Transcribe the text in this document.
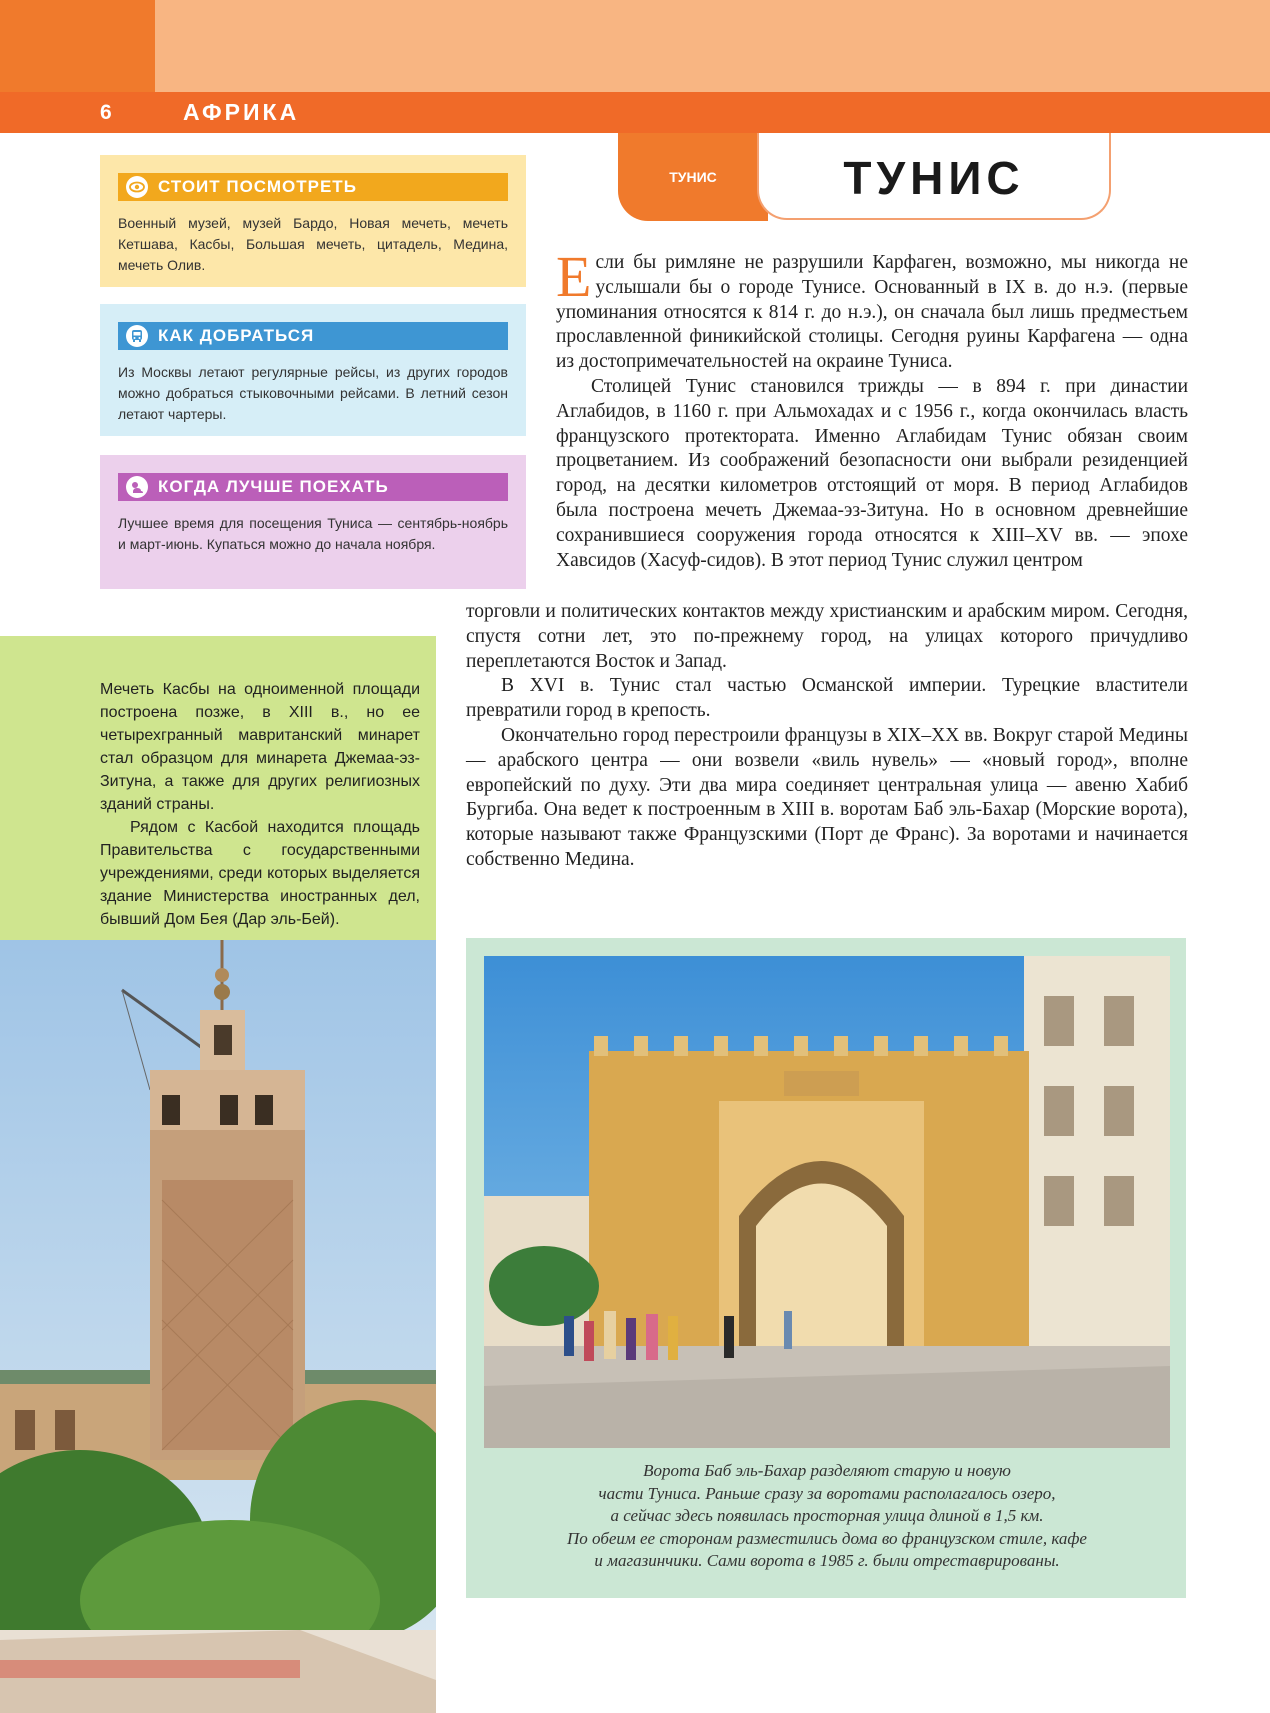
6	АФРИКА
ТУНИС	ТУНИС
СТОИТ ПОСМОТРЕТЬ

Военный музей, музей Бардо, Новая мечеть, мечеть Кетшава, Касбы, Большая мечеть, цитадель, Медина, мечеть Олив.

КАК ДОБРАТЬСЯ

Из Москвы летают регулярные рейсы, из других городов можно добраться стыковочными рейсами. В летний сезон летают чартеры.

КОГДА ЛУЧШЕ ПОЕХАТЬ

Лучшее время для посещения Туниса — сентябрь-ноябрь и март-июнь. Купаться можно до начала ноября.

Мечеть Касбы на одноименной площади построена позже, в XIII в., но ее четырехгранный мавританский минарет стал образцом для минарета Джемаа-эз-Зитуна, а также для других религиозных зданий страны.

Рядом с Касбой находится площадь Правительства с государственными учреждениями, среди которых выделяется здание Министерства иностранных дел, бывший Дом Бея (Дар эль-Бей).

Если бы римляне не разрушили Карфаген, возможно, мы никогда не услышали бы о городе Тунисе. Основанный в IX в. до н.э. (первые упоминания относятся к 814 г. до н.э.), он сначала был лишь предместьем прославленной финикийской столицы. Сегодня руины Карфагена — одна из достопримечательностей на окраине Туниса.

Столицей Тунис становился трижды — в 894 г. при династии Аглабидов, в 1160 г. при Альмохадах и с 1956 г., когда окончилась власть французского протектората. Именно Аглабидам Тунис обязан своим процветанием. Из соображений безопасности они выбрали резиденцией город, на десятки километров отстоящий от моря. В период Аглабидов была построена мечеть Джемаа-эз-Зитуна. Но в основном древнейшие сохранившиеся сооружения города относятся к XIII–XV вв. — эпохе Хавсидов (Хасуф-сидов). В этот период Тунис служил центром

торговли и политических контактов между христианским и арабским миром. Сегодня, спустя сотни лет, это по-прежнему город, на улицах которого причудливо переплетаются Восток и Запад.

В XVI в. Тунис стал частью Османской империи. Турецкие властители превратили город в крепость.

Окончательно город перестроили французы в XIX–XX вв. Вокруг старой Медины — арабского центра — они возвели «виль нувель» — «новый город», вполне европейский по духу. Эти два мира соединяет центральная улица — авеню Хабиб Бургиба. Она ведет к построенным в XIII в. воротам Баб эль-Бахар (Морские ворота), которые называют также Французскими (Порт де Франс). За воротами и начинается собственно Медина.

Ворота Баб эль-Бахар разделяют старую и новую
части Туниса. Раньше сразу за воротами располагалось озеро,
а сейчас здесь появилась просторная улица длиной в 1,5 км.
По обеим ее сторонам разместились дома во французском стиле, кафе
и магазинчики. Сами ворота в 1985 г. были отреставрированы.
